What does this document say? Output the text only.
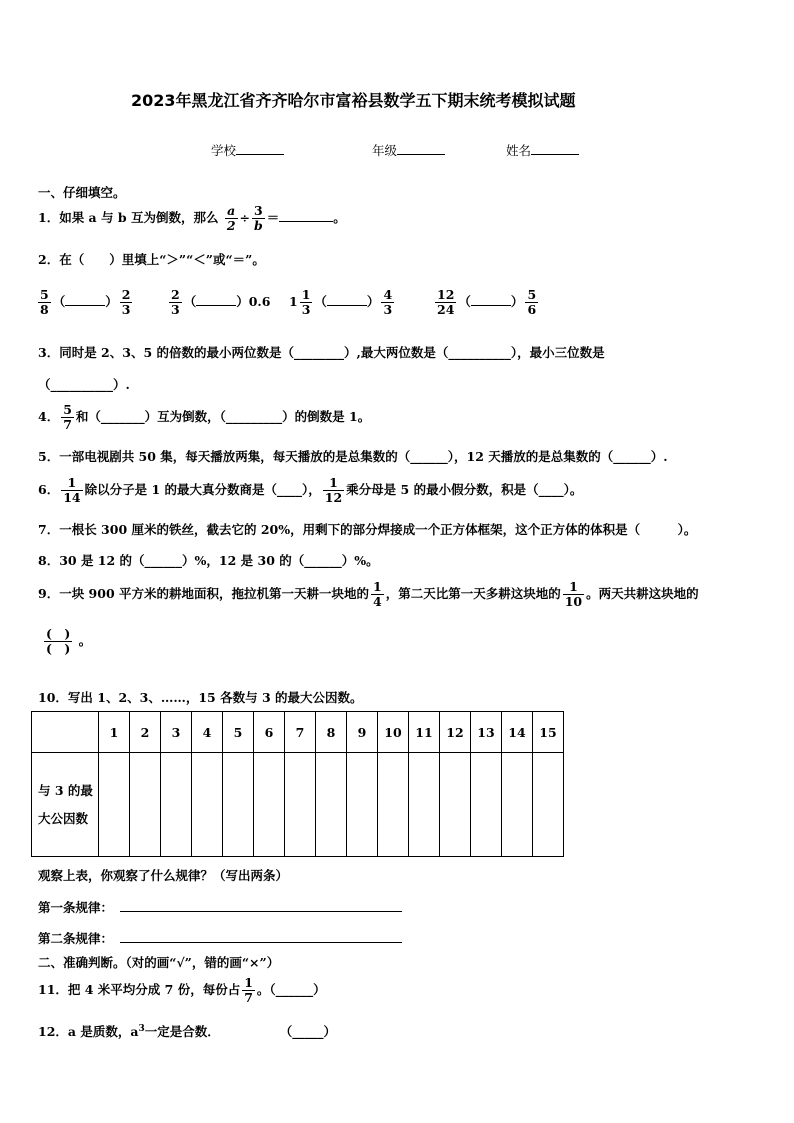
2023年黑龙江省齐齐哈尔市富裕县数学五下期末统考模拟试题
学校	年级	姓名
一、仔细填空。
1．如果 a 与 b 互为倒数，那么 $\frac{a}{2} \div \frac{3}{b}$ ＝	。
2．在（　　）里填上“＞”“＜”或“＝”。
$\frac{5}{8}$ （	） $\frac{2}{3}$	$\frac{2}{3}$ （	）0.6 $1 \frac{1}{3}$ （	） $\frac{4}{3}$	$\frac{12}{24}$ （	） $\frac{5}{6}$
3．同时是 2、3、5 的倍数的最小两位数是（________）,最大两位数是（__________），最小三位数是
（__________）.
4． $\frac{5}{7}$ 和（_______）互为倒数，（_________）的倒数是 1。
5．一部电视剧共 50 集，每天播放两集，每天播放的是总集数的（______），12 天播放的是总集数的（______）.
6． $\frac{1}{14}$ 除以分子是 1 的最大真分数商是（____）， $\frac{1}{12}$ 乘分母是 5 的最小假分数，积是（____）。
7．一根长 300 厘米的铁丝，截去它的 20%，用剩下的部分焊接成一个正方体框架，这个正方体的体积是（　　　）。
8．30 是 12 的（______）%，12 是 30 的（______）%。
9．一块 900 平方米的耕地面积，拖拉机第一天耕一块地的 $\frac{1}{4}$ ，第二天比第一天多耕这块地的 $\frac{1}{10}$ 。两天共耕这块地的
$\frac{( )}{( )}$ 。
10．写出 1、2、3、……，15 各数与 3 的最大公因数。
	1	2	3	4	5	6	7	8	9	10	11	12	13	14	15
与 3 的最大公因数															
观察上表，你观察了什么规律？（写出两条）
第一条规律：
第二条规律：
二、准确判断。（对的画“√”，错的画“×”）
11．把 4 米平均分成 7 份，每份占 $\frac{1}{7}$ 。（______）
12．a 是质数，$a^3$一定是合数．	（_____）
